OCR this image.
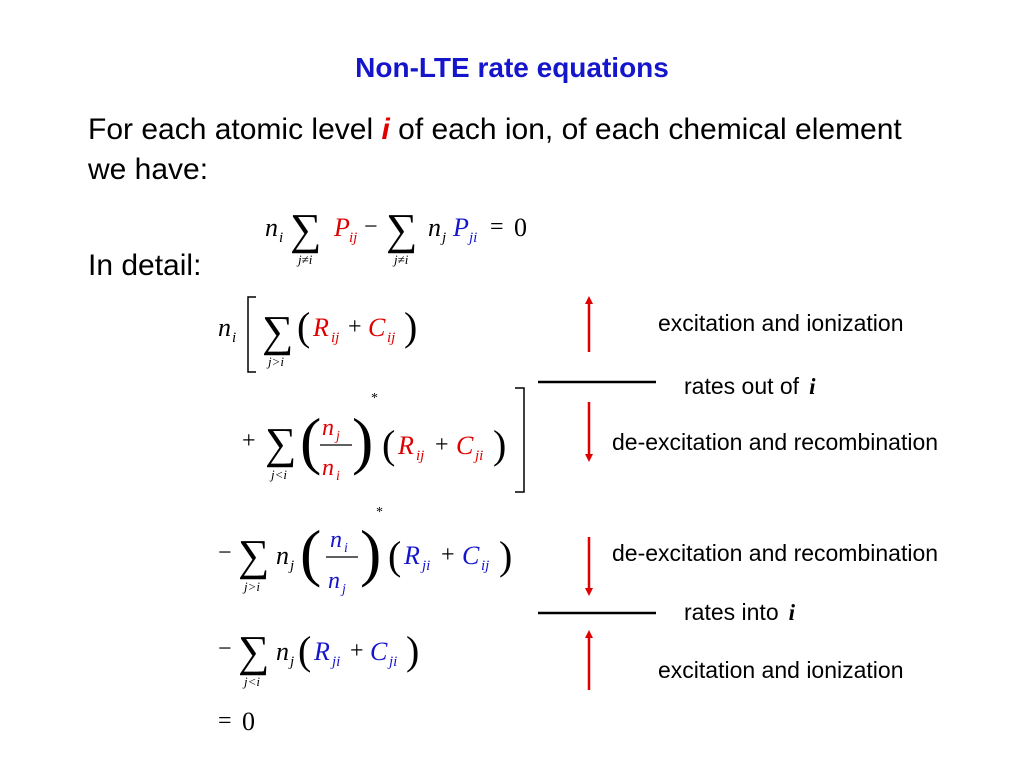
Non-LTE rate equations
For each atomic level i of each ion, of each chemical element we have:
In detail:
n i ∑
j≠i
P ij − ∑
j≠i
n j P ji = 0
n i ∑
j>i
( R ij + C ij )
+ ∑
j<i ( n j
n i
)
*
( R ij + C ji )
− ∑
j>i
n j ( n i
n j
)
*
( R ji + C ij )
− ∑
j<i
n j ( R ji + C ji )
= 0
excitation and ionization
rates out of i
de-excitation and recombination
de-excitation and recombination
rates into i
excitation and ionization
